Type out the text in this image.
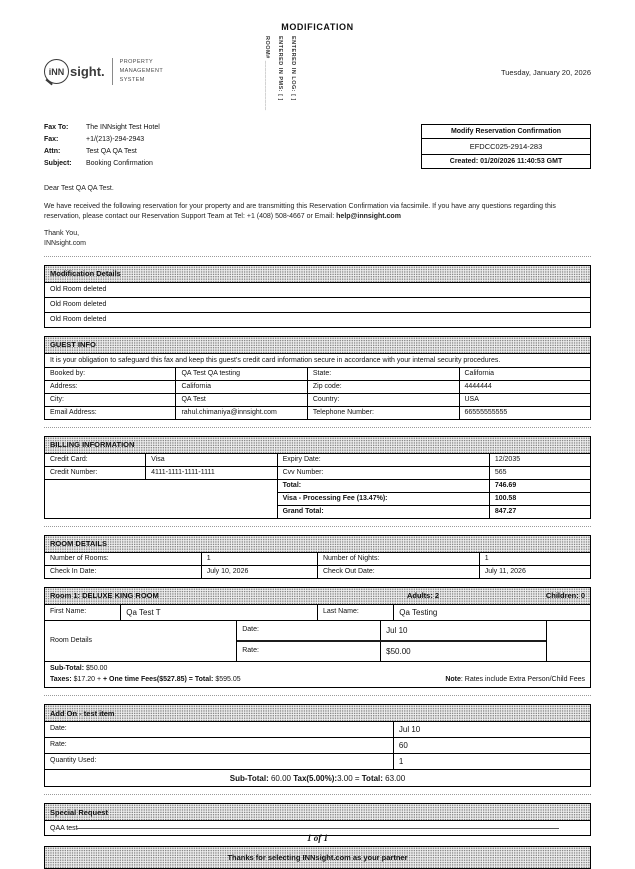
MODIFICATION
iNN sight.
PROPERTY
MANAGEMENT
SYSTEM	ROOM# ______________ ENTERED IN PMS: [ ] ENTERED IN LOG: [ ]	Tuesday, January 20, 2026
Fax To:	The INNsight Test Hotel
Fax:	+1/(213)-294-2943
Attn:	Test QA QA Test
Subject:	Booking Confirmation
Modify Reservation Confirmation
EFDCC025-2914-283
Created: 01/20/2026 11:40:53 GMT
Dear Test QA QA Test.

We have received the following reservation for your property and are transmitting this Reservation Confirmation via facsimile. If you have any questions regarding this reservation, please contact our Reservation Support Team at Tel: +1 (408) 508-4667 or Email: help@innsight.com

Thank You,
INNsight.com
Modification Details
Old Room deleted
Old Room deleted
Old Room deleted
GUEST INFO
It is your obligation to safeguard this fax and keep this guest's credit card information secure in accordance with your internal security procedures.
Booked by:	QA Test QA testing	State:	California
Address:	California	Zip code:	4444444
City:	QA Test	Country:	USA
Email Address:	rahul.chimaniya@innsight.com	Telephone Number:	66555555555
BILLING INFORMATION
Credit Card:	Visa	Expiry Date:	12/2035
Credit Number:	4111-1111-1111-1111	Cvv Number:	565
		Total:	746.69
		Visa - Processing Fee (13.47%):	100.58
		Grand Total:	847.27
ROOM DETAILS
Number of Rooms:	1	Number of Nights:	1
Check In Date:	July 10, 2026	Check Out Date:	July 11, 2026
Room 1: DELUXE KING ROOM	Adults: 2	Children: 0
First Name:	Qa Test T	Last Name:	Qa Testing
Room Details
Date:	Jul 10
Rate:	$50.00
Sub-Total: $50.00
Taxes: $17.20 + + One time Fees($527.85) = Total: $595.05	Note: Rates include Extra Person/Child Fees
Add On - test item
Date:	Jul 10
Rate:	60
Quantity Used:	1
Sub-Total: 60.00 Tax(5.00%):3.00 = Total: 63.00
Special Request
QAA test
Thanks for selecting INNsight.com as your partner
1 of 1
